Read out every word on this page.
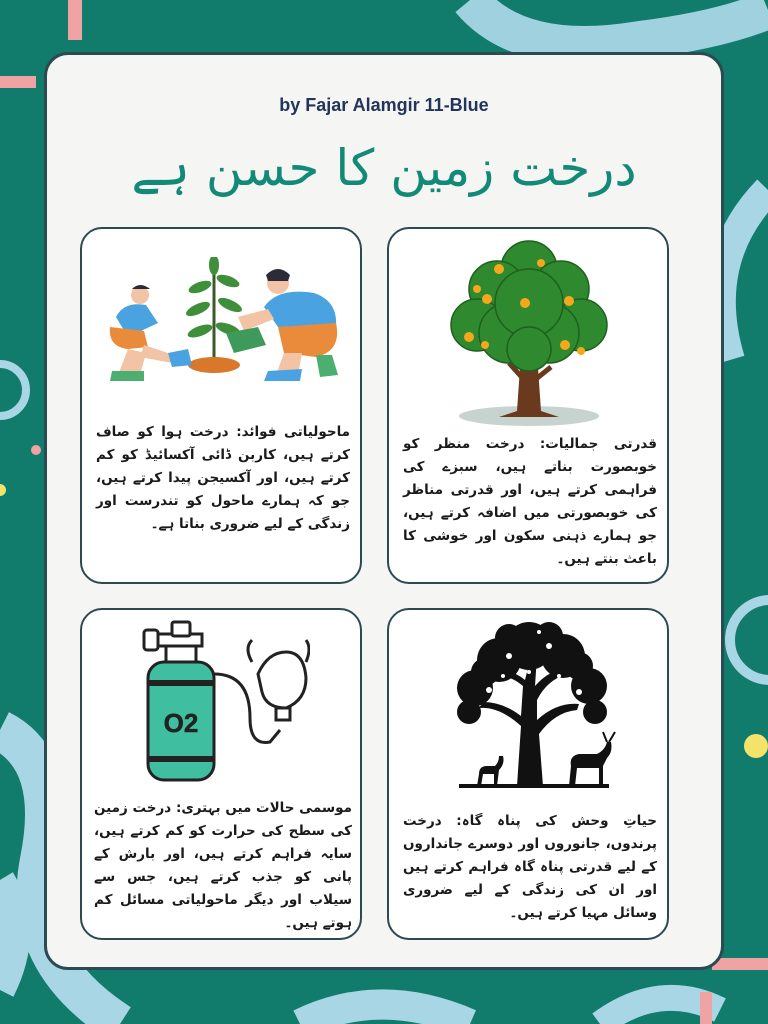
by Fajar Alamgir 11-Blue
درخت زمین کا حسن ہے
ماحولیاتی فوائد: درخت ہوا کو صاف کرتے ہیں، کاربن ڈائی آکسائیڈ کو کم کرتے ہیں، اور آکسیجن پیدا کرتے ہیں، جو کہ ہمارے ماحول کو تندرست اور زندگی کے لیے ضروری بناتا ہے۔
قدرتی جمالیات: درخت منظر کو خوبصورت بناتے ہیں، سبزے کی فراہمی کرتے ہیں، اور قدرتی مناظر کی خوبصورتی میں اضافہ کرتے ہیں، جو ہمارے ذہنی سکون اور خوشی کا باعث بنتے ہیں۔
O2
موسمی حالات میں بہتری: درخت زمین کی سطح کی حرارت کو کم کرتے ہیں، سایہ فراہم کرتے ہیں، اور بارش کے پانی کو جذب کرتے ہیں، جس سے سیلاب اور دیگر ماحولیاتی مسائل کم ہوتے ہیں۔
حیاتِ وحش کی پناہ گاہ: درخت پرندوں، جانوروں اور دوسرے جانداروں کے لیے قدرتی پناہ گاہ فراہم کرتے ہیں اور ان کی زندگی کے لیے ضروری وسائل مہیا کرتے ہیں۔
